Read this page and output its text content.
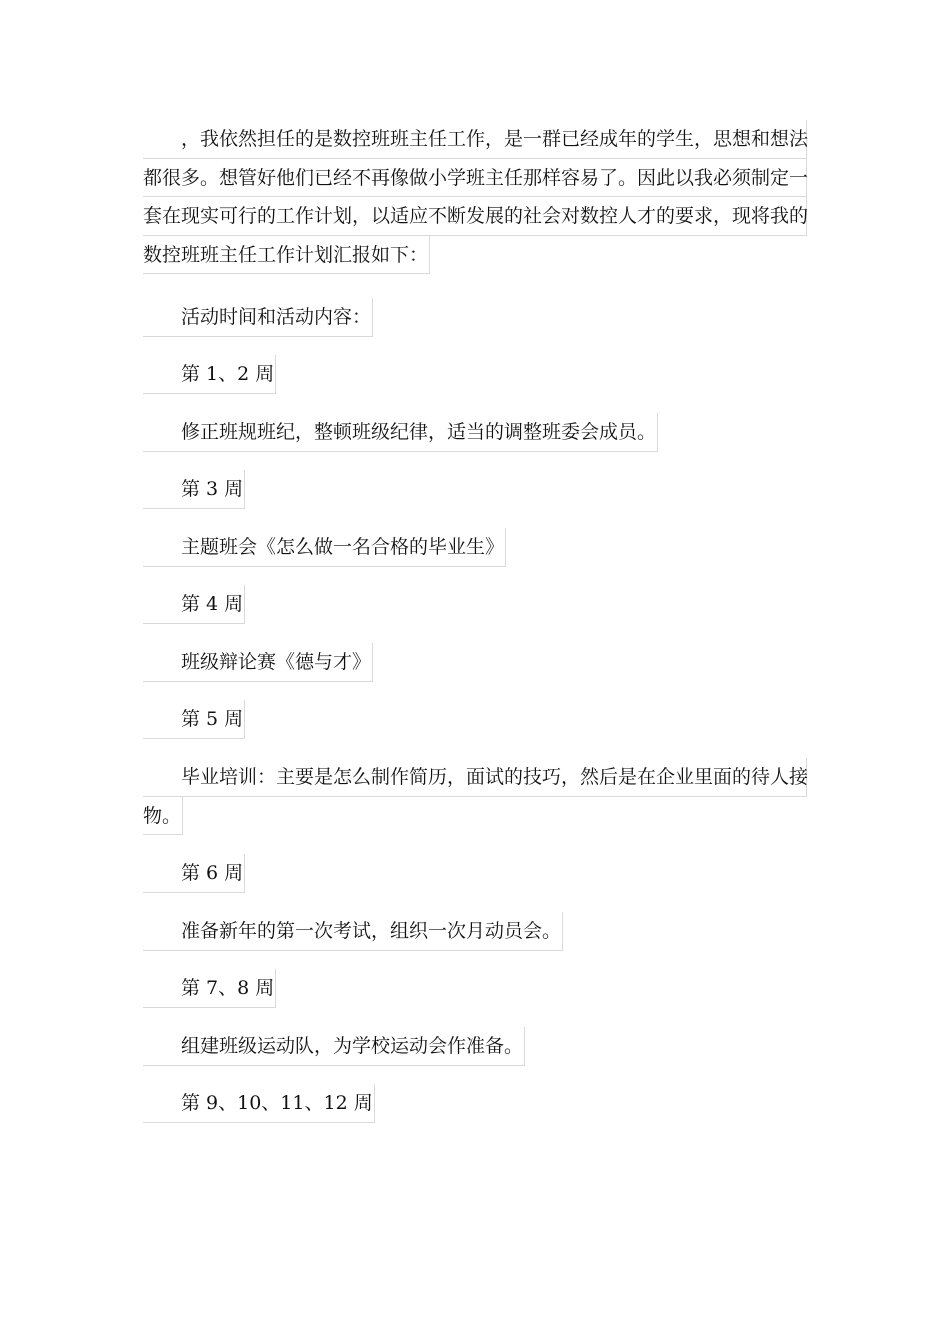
，我依然担任的是数控班班主任工作，是一群已经成年的学生，思想和想法
都很多。想管好他们已经不再像做小学班主任那样容易了。因此以我必须制定一
套在现实可行的工作计划，以适应不断发展的社会对数控人才的要求，现将我的
数控班班主任工作计划汇报如下：
活动时间和活动内容：
第 1、2 周
修正班规班纪，整顿班级纪律，适当的调整班委会成员。
第 3 周
主题班会《怎么做一名合格的毕业生》
第 4 周
班级辩论赛《德与才》
第 5 周
毕业培训：主要是怎么制作简历，面试的技巧，然后是在企业里面的待人接
物。
第 6 周
准备新年的第一次考试，组织一次月动员会。
第 7、8 周
组建班级运动队，为学校运动会作准备。
第 9、10、11、12 周
